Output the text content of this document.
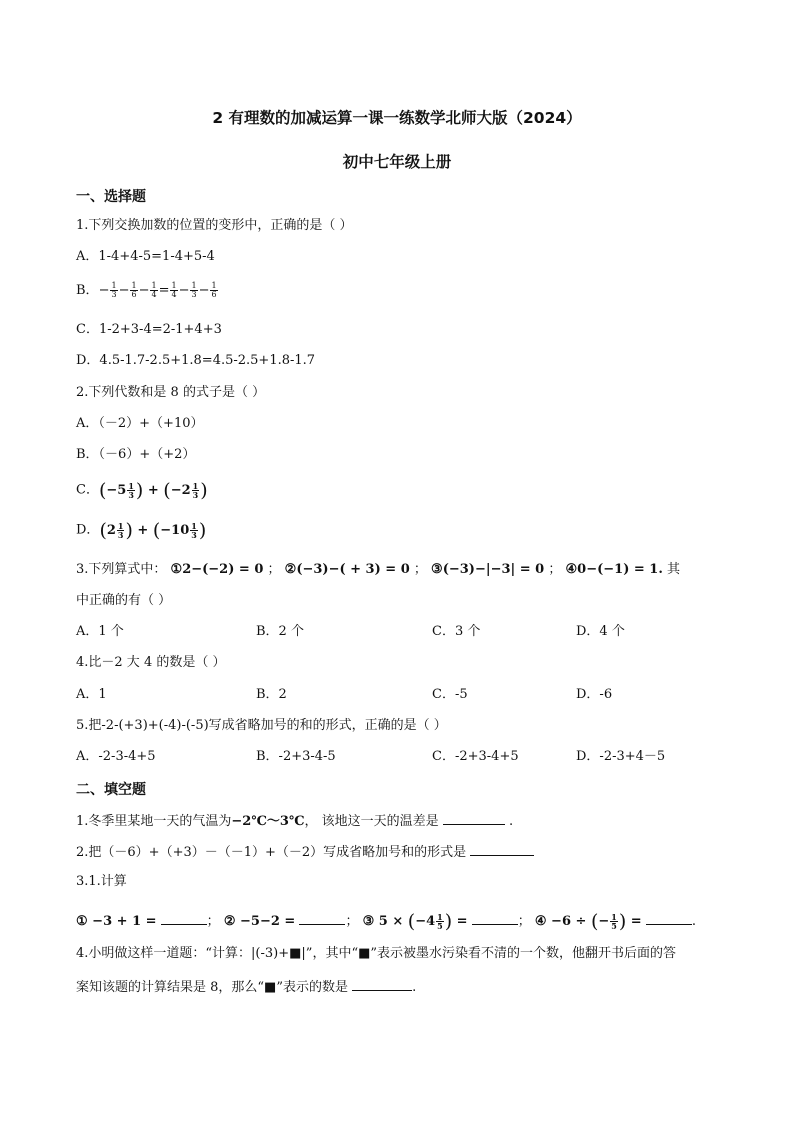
2 有理数的加减运算一课一练数学北师大版（2024）
初中七年级上册
一、选择题
1.下列交换加数的位置的变形中，正确的是（ ）
A．1-4+4-5=1-4+5-4
B．− $\frac{1}{3} - \frac{1}{6} - \frac{1}{4} = \frac{1}{4} - \frac{1}{3} - \frac{1}{6}$
C．1-2+3-4=2-1+4+3
D．4.5-1.7-2.5+1.8=4.5-2.5+1.8-1.7
2.下列代数和是 8 的式子是（ ）
A．（－2）+（+10）
B．（－6）+（+2）
C．($-5 \frac{1}{3}$ ) + ($-2 \frac{1}{3}$ )
D．($2 \frac{1}{3}$ ) + ($-10 \frac{1}{3}$ )
3.下列算式中： ①2−(−2) = 0 ； ②(−3)−( + 3) = 0 ； ③(−3)−|−3| = 0 ； ④0−(−1) = 1. 其
中正确的有（ ）
A．1 个	B．2 个	C．3 个	D．4 个
4.比－2 大 4 的数是（ ）
A．1	B．2	C．-5	D．-6
5.把-2-(+3)+(-4)-(-5)写成省略加号的和的形式，正确的是（ ）
A．-2-3-4+5	B．-2+3-4-5	C．-2+3-4+5	D．-2-3+4－5
二、填空题
1.冬季里某地一天的气温为−2℃～3℃， 该地这一天的温差是	.
2.把（－6）+（+3）－（－1）+（－2）写成省略加号和的形式是
3.1.计算
① −3 + 1 =	； ② −5−2 =	； ③ $5 \times (-4 \frac{1}{5}$ ) =	； ④ −6 ÷ (− $\frac{1}{5}$ ) =	.
4.小明做这样一道题：“计算：|(-3)+■|”，其中“■”表示被墨水污染看不清的一个数，他翻开书后面的答
案知该题的计算结果是 8，那么“■”表示的数是	.
